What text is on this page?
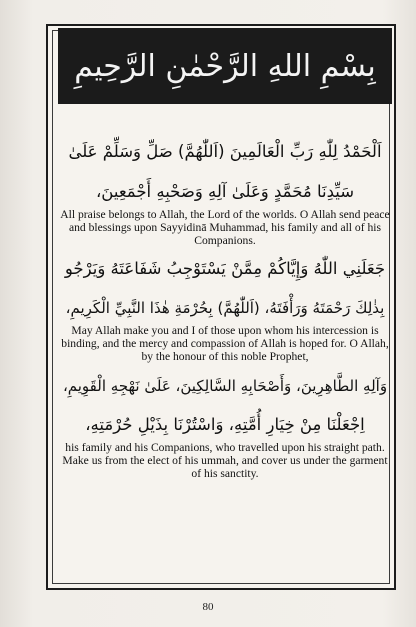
بِسْمِ اللهِ الرَّحْمٰنِ الرَّحِيمِ

اَلْحَمْدُ لِلّٰهِ رَبِّ الْعَالَمِينَ (اَللّٰهُمَّ) صَلِّ وَسَلِّمْ عَلَىٰ

سَيِّدِنَا مُحَمَّدٍ وَعَلَىٰ آلِهِ وَصَحْبِهِ أَجْمَعِينَ،

All praise belongs to Allah, the Lord of the worlds. O Allah send peace and blessings upon Sayyidinā Muhammad, his family and all of his Companions.

جَعَلَنِي اللّٰهُ وَإِيَّاكُمْ مِمَّنْ يَسْتَوْجِبُ شَفَاعَتَهُ وَيَرْجُو

بِذٰلِكَ رَحْمَتَهُ وَرَأْفَتَهُ، (اَللّٰهُمَّ) بِحُرْمَةِ هٰذَا النَّبِيِّ الْكَرِيمِ،

May Allah make you and I of those upon whom his intercession is binding, and the mercy and compassion of Allah is hoped for. O Allah, by the honour of this noble Prophet,

وَآلِهِ الطَّاهِرِينَ، وَأَصْحَابِهِ السَّالِكِينَ، عَلَىٰ نَهْجِهِ الْقَوِيمِ،

اِجْعَلْنَا مِنْ خِيَارِ أُمَّتِهِ، وَاسْتُرْنَا بِذَيْلِ حُرْمَتِهِ،

his family and his Companions, who travelled upon his straight path. Make us from the elect of his ummah, and cover us under the garment of his sanctity.

80
